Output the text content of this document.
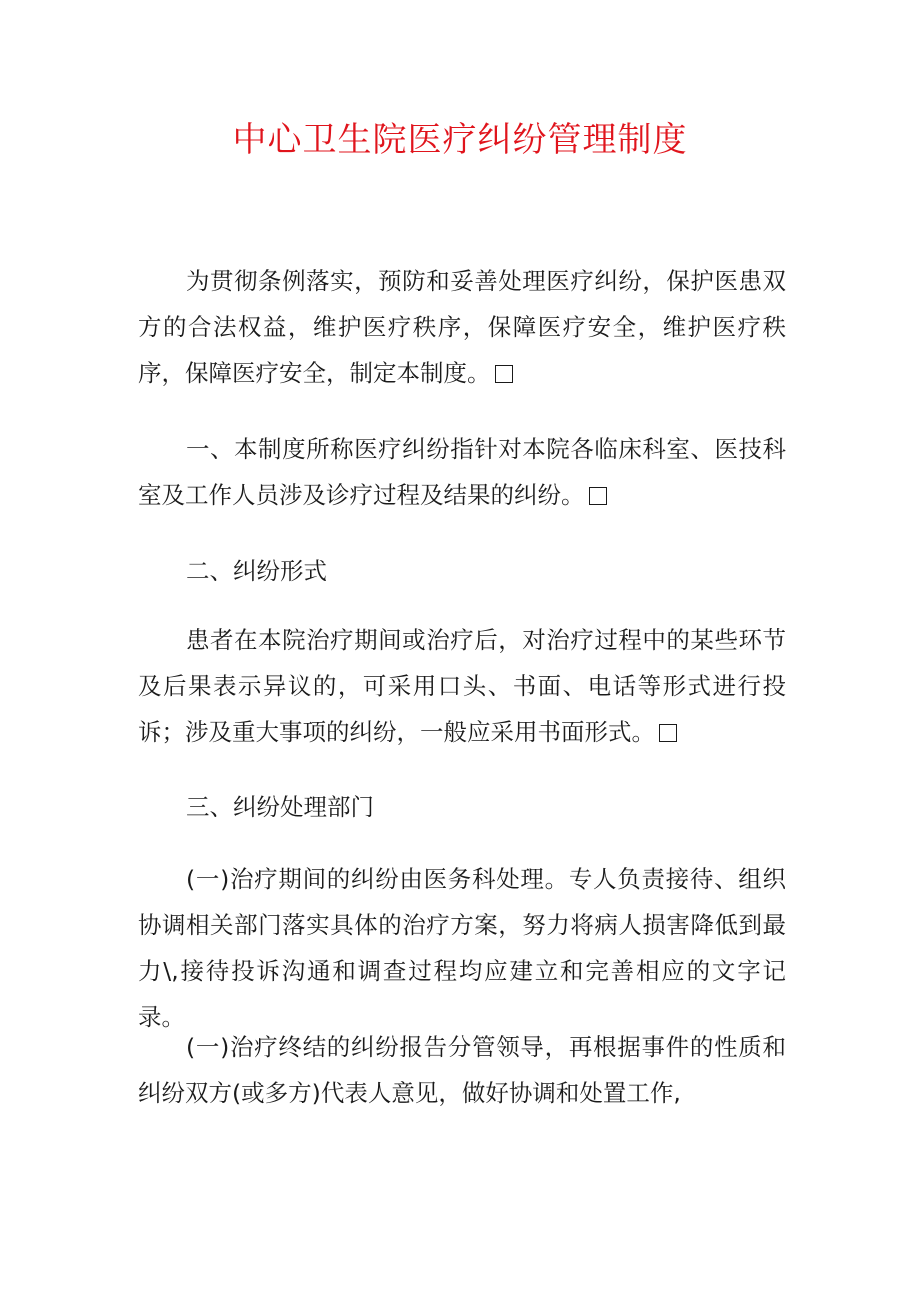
中心卫生院医疗纠纷管理制度
为贯彻条例落实，预防和妥善处理医疗纠纷，保护医患双方的合法权益，维护医疗秩序，保障医疗安全，维护医疗秩序，保障医疗安全，制定本制度。
一、本制度所称医疗纠纷指针对本院各临床科室、医技科室及工作人员涉及诊疗过程及结果的纠纷。
二、纠纷形式
患者在本院治疗期间或治疗后，对治疗过程中的某些环节及后果表示异议的，可采用口头、书面、电话等形式进行投诉；涉及重大事项的纠纷，一般应采用书面形式。
三、纠纷处理部门
(一)治疗期间的纠纷由医务科处理。专人负责接待、组织协调相关部门落实具体的治疗方案，努力将病人损害降低到最力\,接待投诉沟通和调查过程均应建立和完善相应的文字记录。
(一)治疗终结的纠纷报告分管领导，再根据事件的性质和纠纷双方(或多方)代表人意见，做好协调和处置工作,
